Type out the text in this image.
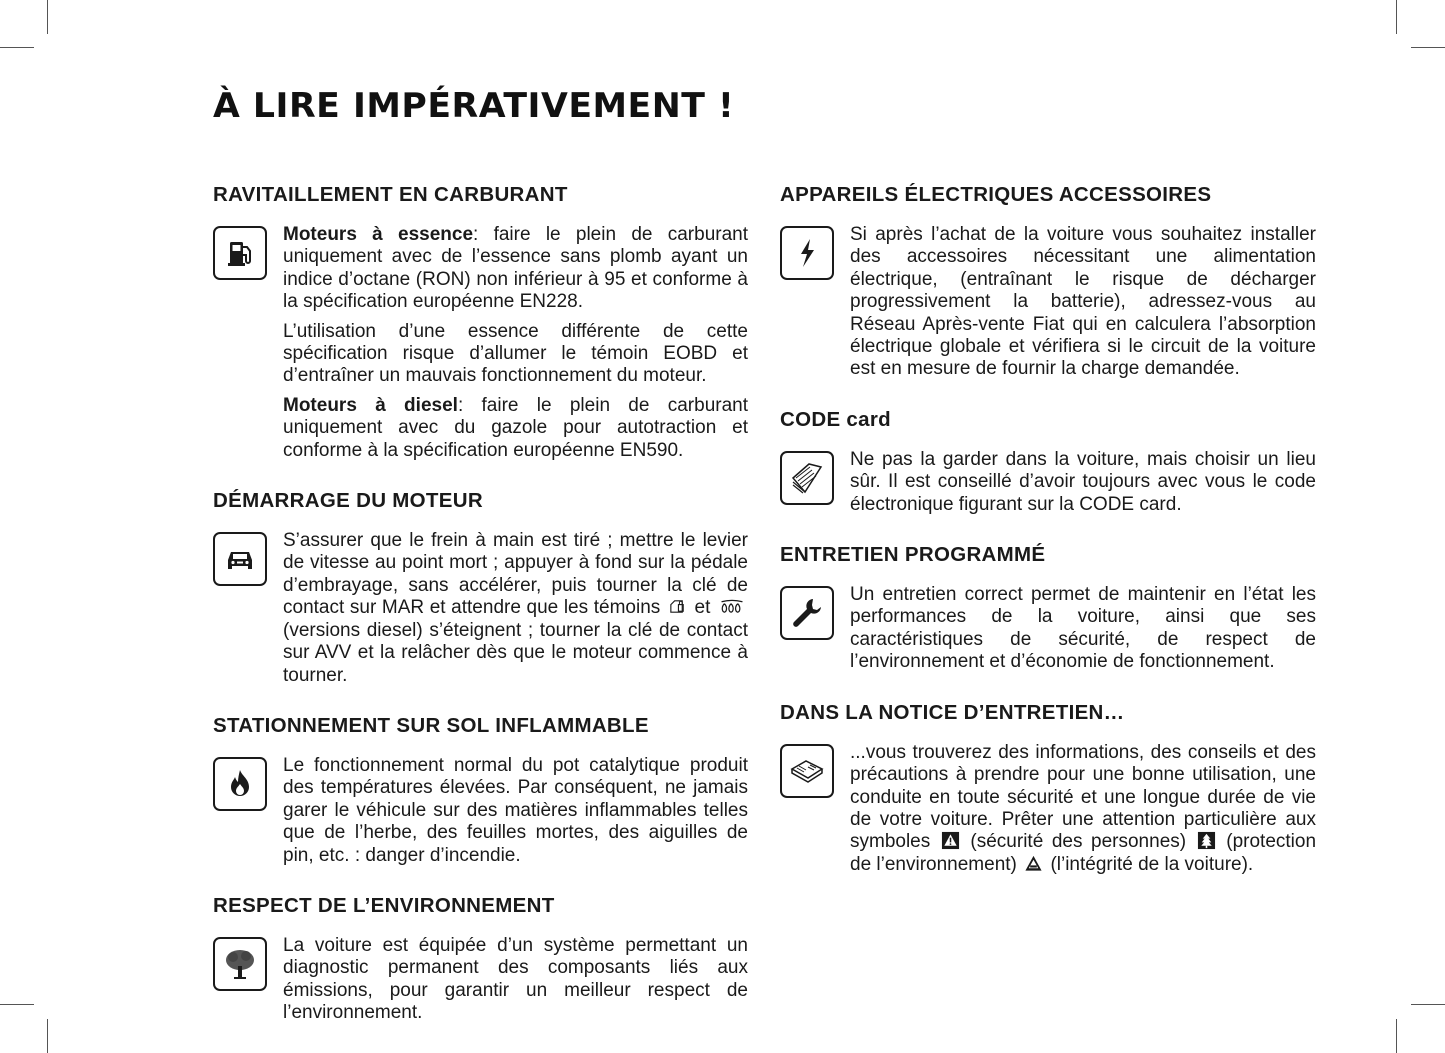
À LIRE IMPÉRATIVEMENT !
RAVITAILLEMENT EN CARBURANT

Moteurs à essence: faire le plein de carburant uniquement avec de l’essence sans plomb ayant un indice d’octane (RON) non inférieur à 95 et conforme à la spécification européenne EN228.

L’utilisation d’une essence différente de cette spécification risque d’allumer le témoin EOBD et d’entraîner un mauvais fonctionnement du moteur.

Moteurs à diesel: faire le plein de carburant uniquement avec du gazole pour autotraction et conforme à la spécification européenne EN590.

DÉMARRAGE DU MOTEUR

S’assurer que le frein à main est tiré ; mettre le levier de vitesse au point mort ; appuyer à fond sur la pédale d’embrayage, sans accélérer, puis tourner la clé de contact sur MAR et attendre que les témoins et  (versions diesel) s’éteignent ; tourner la clé de contact sur AVV et la relâcher dès que le moteur commence à tourner.

STATIONNEMENT SUR SOL INFLAMMABLE

Le fonctionnement normal du pot catalytique produit des températures élevées. Par conséquent, ne jamais garer le véhicule sur des matières inflammables telles que de l’herbe, des feuilles mortes, des aiguilles de pin, etc. : danger d’incendie.

RESPECT DE L’ENVIRONNEMENT

La voiture est équipée d’un système permettant un diagnostic permanent des composants liés aux émissions, pour garantir un meilleur respect de l’environnement.

APPAREILS ÉLECTRIQUES ACCESSOIRES

Si après l’achat de la voiture vous souhaitez installer des accessoires nécessitant une alimentation électrique, (entraînant le risque de décharger progressivement la batterie), adressez-vous au Réseau Après-vente Fiat qui en calculera l’absorption électrique globale et vérifiera si le circuit de la voiture est en mesure de fournir la charge demandée.

CODE card

Ne pas la garder dans la voiture, mais choisir un lieu sûr. Il est conseillé d’avoir toujours avec vous le code électronique figurant sur la CODE card.

ENTRETIEN PROGRAMMÉ

Un entretien correct permet de maintenir en l’état les performances de la voiture, ainsi que ses caractéristiques de sécurité, de respect de l’environnement et d’économie de fonctionnement.

DANS LA NOTICE D’ENTRETIEN…

...vous trouverez des informations, des conseils et des précautions à prendre pour une bonne utilisation, une conduite en toute sécurité et une longue durée de vie de votre voiture. Prêter une attention particulière aux symboles (sécurité des personnes) (protection de l’environnement) (l’intégrité de la voiture).
